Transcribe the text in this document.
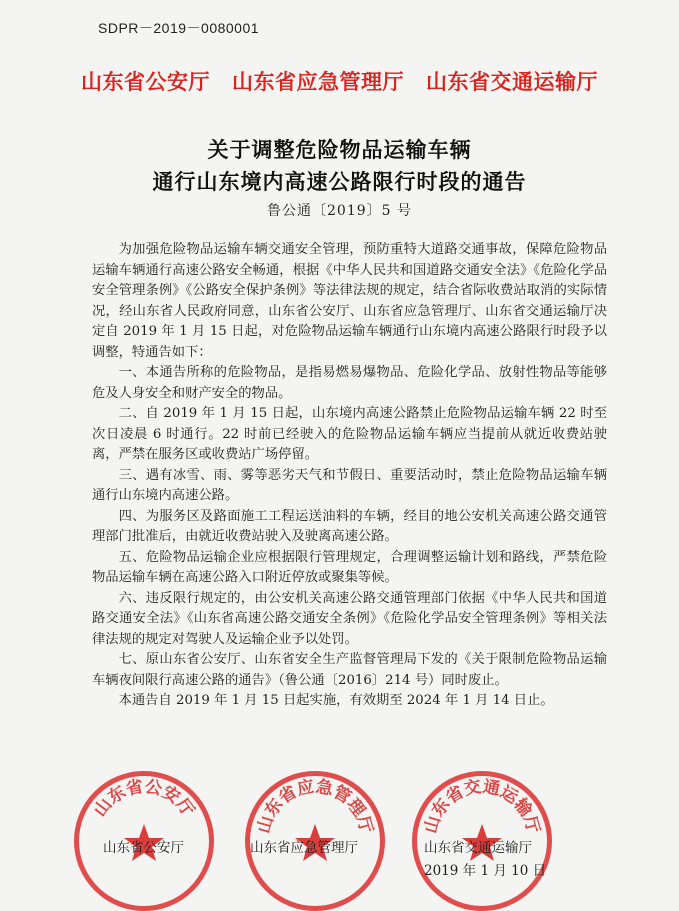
SDPR－2019－0080001
山东省公安厅 山东省应急管理厅 山东省交通运输厅
关于调整危险物品运输车辆
通行山东境内高速公路限行时段的通告
鲁公通〔2019〕5 号

为加强危险物品运输车辆交通安全管理，预防重特大道路交通事故，保障危险物品运输车辆通行高速公路安全畅通，根据《中华人民共和国道路交通安全法》《危险化学品安全管理条例》《公路安全保护条例》等法律法规的规定，结合省际收费站取消的实际情况，经山东省人民政府同意，山东省公安厅、山东省应急管理厅、山东省交通运输厅决定自 2019 年 1 月 15 日起，对危险物品运输车辆通行山东境内高速公路限行时段予以调整，特通告如下：

一、本通告所称的危险物品，是指易燃易爆物品、危险化学品、放射性物品等能够危及人身安全和财产安全的物品。

二、自 2019 年 1 月 15 日起，山东境内高速公路禁止危险物品运输车辆 22 时至次日凌晨 6 时通行。22 时前已经驶入的危险物品运输车辆应当提前从就近收费站驶离，严禁在服务区或收费站广场停留。

三、遇有冰雪、雨、雾等恶劣天气和节假日、重要活动时，禁止危险物品运输车辆通行山东境内高速公路。

四、为服务区及路面施工工程运送油料的车辆，经目的地公安机关高速公路交通管理部门批准后，由就近收费站驶入及驶离高速公路。

五、危险物品运输企业应根据限行管理规定，合理调整运输计划和路线，严禁危险物品运输车辆在高速公路入口附近停放或聚集等候。

六、违反限行规定的，由公安机关高速公路交通管理部门依据《中华人民共和国道路交通安全法》《山东省高速公路交通安全条例》《危险化学品安全管理条例》等相关法律法规的规定对驾驶人及运输企业予以处罚。

七、原山东省公安厅、山东省安全生产监督管理局下发的《关于限制危险物品运输车辆夜间限行高速公路的通告》（鲁公通〔2016〕214 号）同时废止。

本通告自 2019 年 1 月 15 日起实施，有效期至 2024 年 1 月 14 日止。

山东省公安厅
山东省应急管理厅	山东省交通运输厅
山东省公安厅	山东省应急管理厅	山东省交通运输厅
2019 年 1 月 10 日
